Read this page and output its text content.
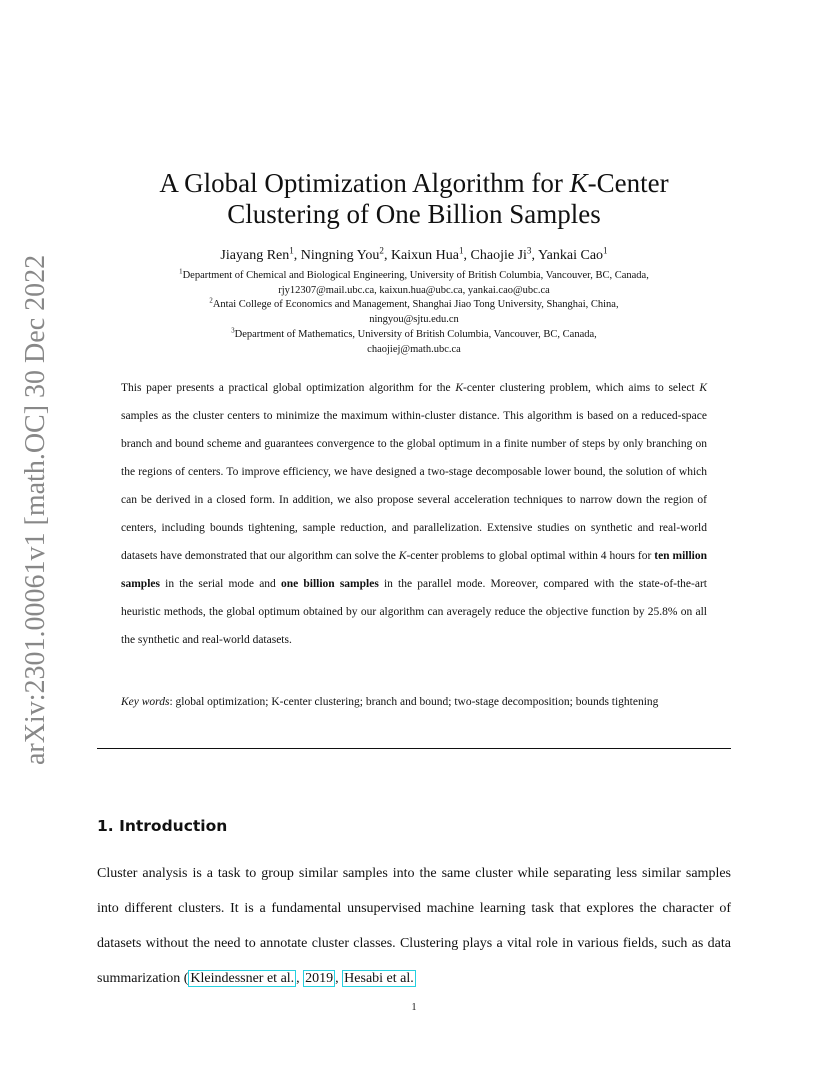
arXiv:2301.00061v1 [math.OC] 30 Dec 2022
A Global Optimization Algorithm for K-Center
Clustering of One Billion Samples
Jiayang Ren$^1$, Ningning You$^2$, Kaixun Hua$^1$, Chaojie Ji$^3$, Yankai Cao$^1$
$^1$Department of Chemical and Biological Engineering, University of British Columbia, Vancouver, BC, Canada,
rjy12307@mail.ubc.ca, kaixun.hua@ubc.ca, yankai.cao@ubc.ca
$^2$Antai College of Economics and Management, Shanghai Jiao Tong University, Shanghai, China,
ningyou@sjtu.edu.cn
$^3$Department of Mathematics, University of British Columbia, Vancouver, BC, Canada,
chaojiej@math.ubc.ca

This paper presents a practical global optimization algorithm for the K-center clustering problem, which aims to select K samples as the cluster centers to minimize the maximum within-cluster distance. This algorithm is based on a reduced-space branch and bound scheme and guarantees convergence to the global optimum in a finite number of steps by only branching on the regions of centers. To improve efficiency, we have designed a two-stage decomposable lower bound, the solution of which can be derived in a closed form. In addition, we also propose several acceleration techniques to narrow down the region of centers, including bounds tightening, sample reduction, and parallelization. Extensive studies on synthetic and real-world datasets have demonstrated that our algorithm can solve the K-center problems to global optimal within 4 hours for ten million samples in the serial mode and one billion samples in the parallel mode. Moreover, compared with the state-of-the-art heuristic methods, the global optimum obtained by our algorithm can averagely reduce the objective function by 25.8% on all the synthetic and real-world datasets.

Key words: global optimization; K-center clustering; branch and bound; two-stage decomposition; bounds tightening
1. Introduction

Cluster analysis is a task to group similar samples into the same cluster while separating less similar samples into different clusters. It is a fundamental unsupervised machine learning task that explores the character of datasets without the need to annotate cluster classes. Clustering plays a vital role in various fields, such as data summarization ( Kleindessner et al. , 2019 , Hesabi et al.

1
